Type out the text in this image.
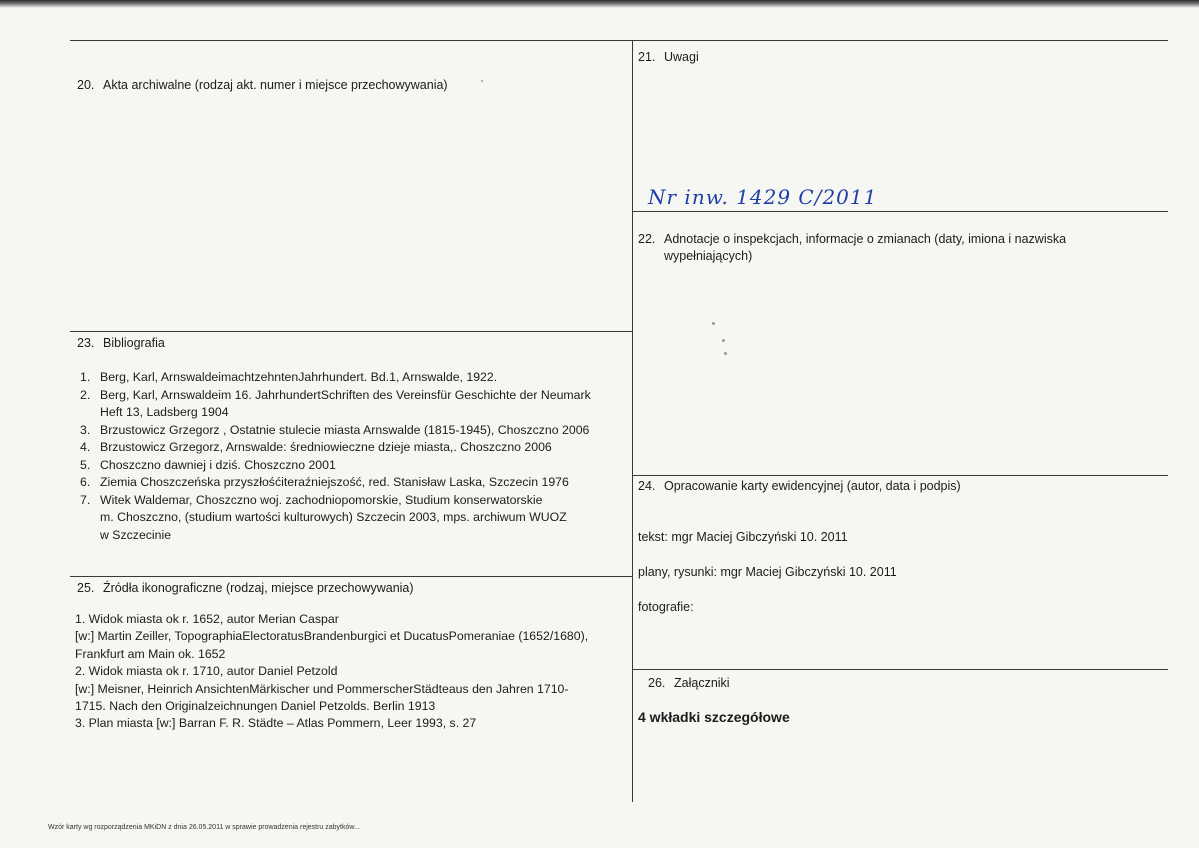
20. Akta archiwalne (rodzaj akt. numer i miejsce przechowywania)
21. Uwagi
Nr inw. 1429 C/2011
22. Adnotacje o inspekcjach, informacje o zmianach (daty, imiona i nazwiska
wypełniających)
23. Bibliografia
1. Berg, Karl, ArnswaldeimachtzehntenJahrhundert. Bd.1, Arnswalde, 1922.
2. Berg, Karl, Arnswaldeim 16. JahrhundertSchriften des Vereinsfür Geschichte der Neumark
Heft 13, Ladsberg 1904
3. Brzustowicz Grzegorz , Ostatnie stulecie miasta Arnswalde (1815-1945), Choszczno 2006
4. Brzustowicz Grzegorz, Arnswalde: średniowieczne dzieje miasta,. Choszczno 2006
5. Choszczno dawniej i dziś. Choszczno 2001
6. Ziemia Choszczeńska przyszłośćiteraźniejszość, red. Stanisław Laska, Szczecin 1976
7. Witek Waldemar, Choszczno woj. zachodniopomorskie, Studium konserwatorskie
m. Choszczno, (studium wartości kulturowych) Szczecin 2003, mps. archiwum WUOZ
w Szczecinie
24. Opracowanie karty ewidencyjnej (autor, data i podpis)
tekst: mgr Maciej Gibczyński 10. 2011
plany, rysunki: mgr Maciej Gibczyński 10. 2011
fotografie:
25. Źródła ikonograficzne (rodzaj, miejsce przechowywania)
1. Widok miasta ok r. 1652, autor Merian Caspar
[w:] Martin Zeiller, TopographiaElectoratusBrandenburgici et DucatusPomeraniae (1652/1680),
Frankfurt am Main ok. 1652
2. Widok miasta ok r. 1710, autor Daniel Petzold
[w:] Meisner, Heinrich AnsichtenMärkischer und PommerscherStädteaus den Jahren 1710-
1715. Nach den Originalzeichnungen Daniel Petzolds. Berlin 1913
3. Plan miasta [w:] Barran F. R. Städte – Atlas Pommern, Leer 1993, s. 27
26. Załączniki
4 wkładki szczegółowe
Wzór karty wg rozporządzenia MKiDN z dnia 26.05.2011 w sprawie prowadzenia rejestru zabytków...
